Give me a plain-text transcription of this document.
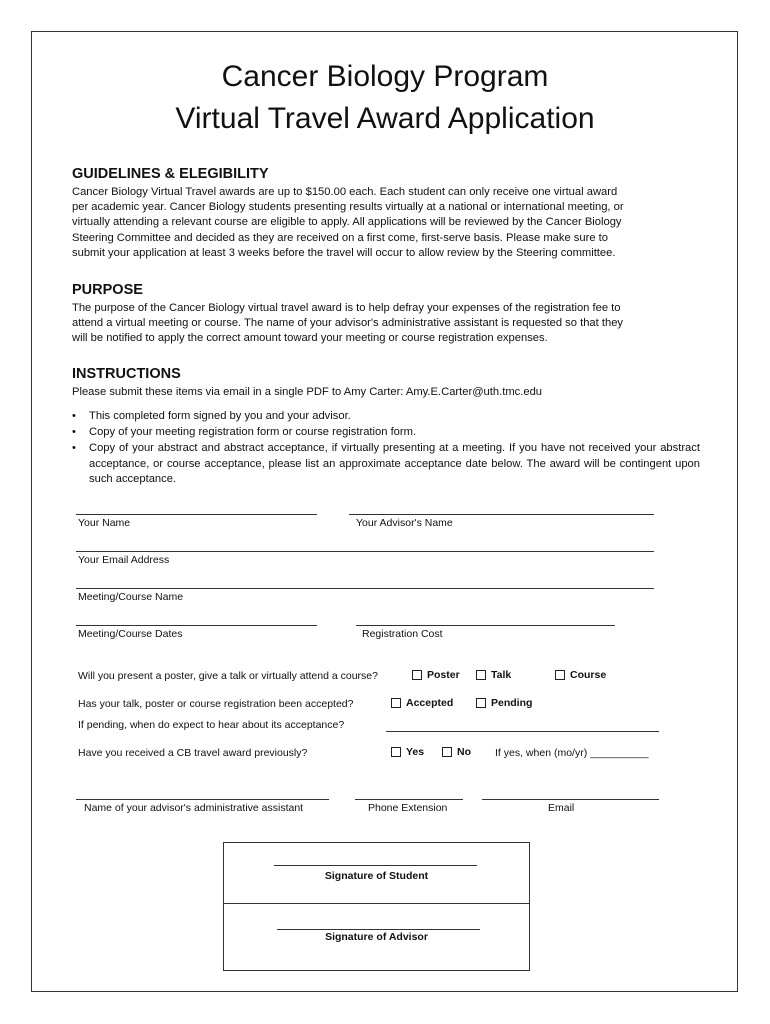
Cancer Biology Program
Virtual Travel Award Application
GUIDELINES & ELEGIBILITY
Cancer Biology Virtual Travel awards are up to $150.00 each. Each student can only receive one virtual award
per academic year. Cancer Biology students presenting results virtually at a national or international meeting, or
virtually attending a relevant course are eligible to apply. All applications will be reviewed by the Cancer Biology
Steering Committee and decided as they are received on a first come, first-serve basis. Please make sure to
submit your application at least 3 weeks before the travel will occur to allow review by the Steering committee.
PURPOSE
The purpose of the Cancer Biology virtual travel award is to help defray your expenses of the registration fee to
attend a virtual meeting or course. The name of your advisor's administrative assistant is requested so that they
will be notified to apply the correct amount toward your meeting or course registration expenses.
INSTRUCTIONS
Please submit these items via email in a single PDF to Amy Carter: Amy.E.Carter@uth.tmc.edu
• This completed form signed by you and your advisor.
• Copy of your meeting registration form or course registration form.
• Copy of your abstract and abstract acceptance, if virtually presenting at a meeting. If you have not received your abstract acceptance, or course acceptance, please list an approximate acceptance date below. The award will be contingent upon such acceptance.
Your Name	Your Advisor's Name
Your Email Address
Meeting/Course Name
Meeting/Course Dates	Registration Cost
Will you present a poster, give a talk or virtually attend a course?	Poster	Talk	Course
Has your talk, poster or course registration been accepted?	Accepted	Pending
If pending, when do expect to hear about its acceptance?
Have you received a CB travel award previously?	Yes	No If yes, when (mo/yr) __________
Name of your advisor's administrative assistant	Phone Extension	Email
Signature of Student
Signature of Advisor
